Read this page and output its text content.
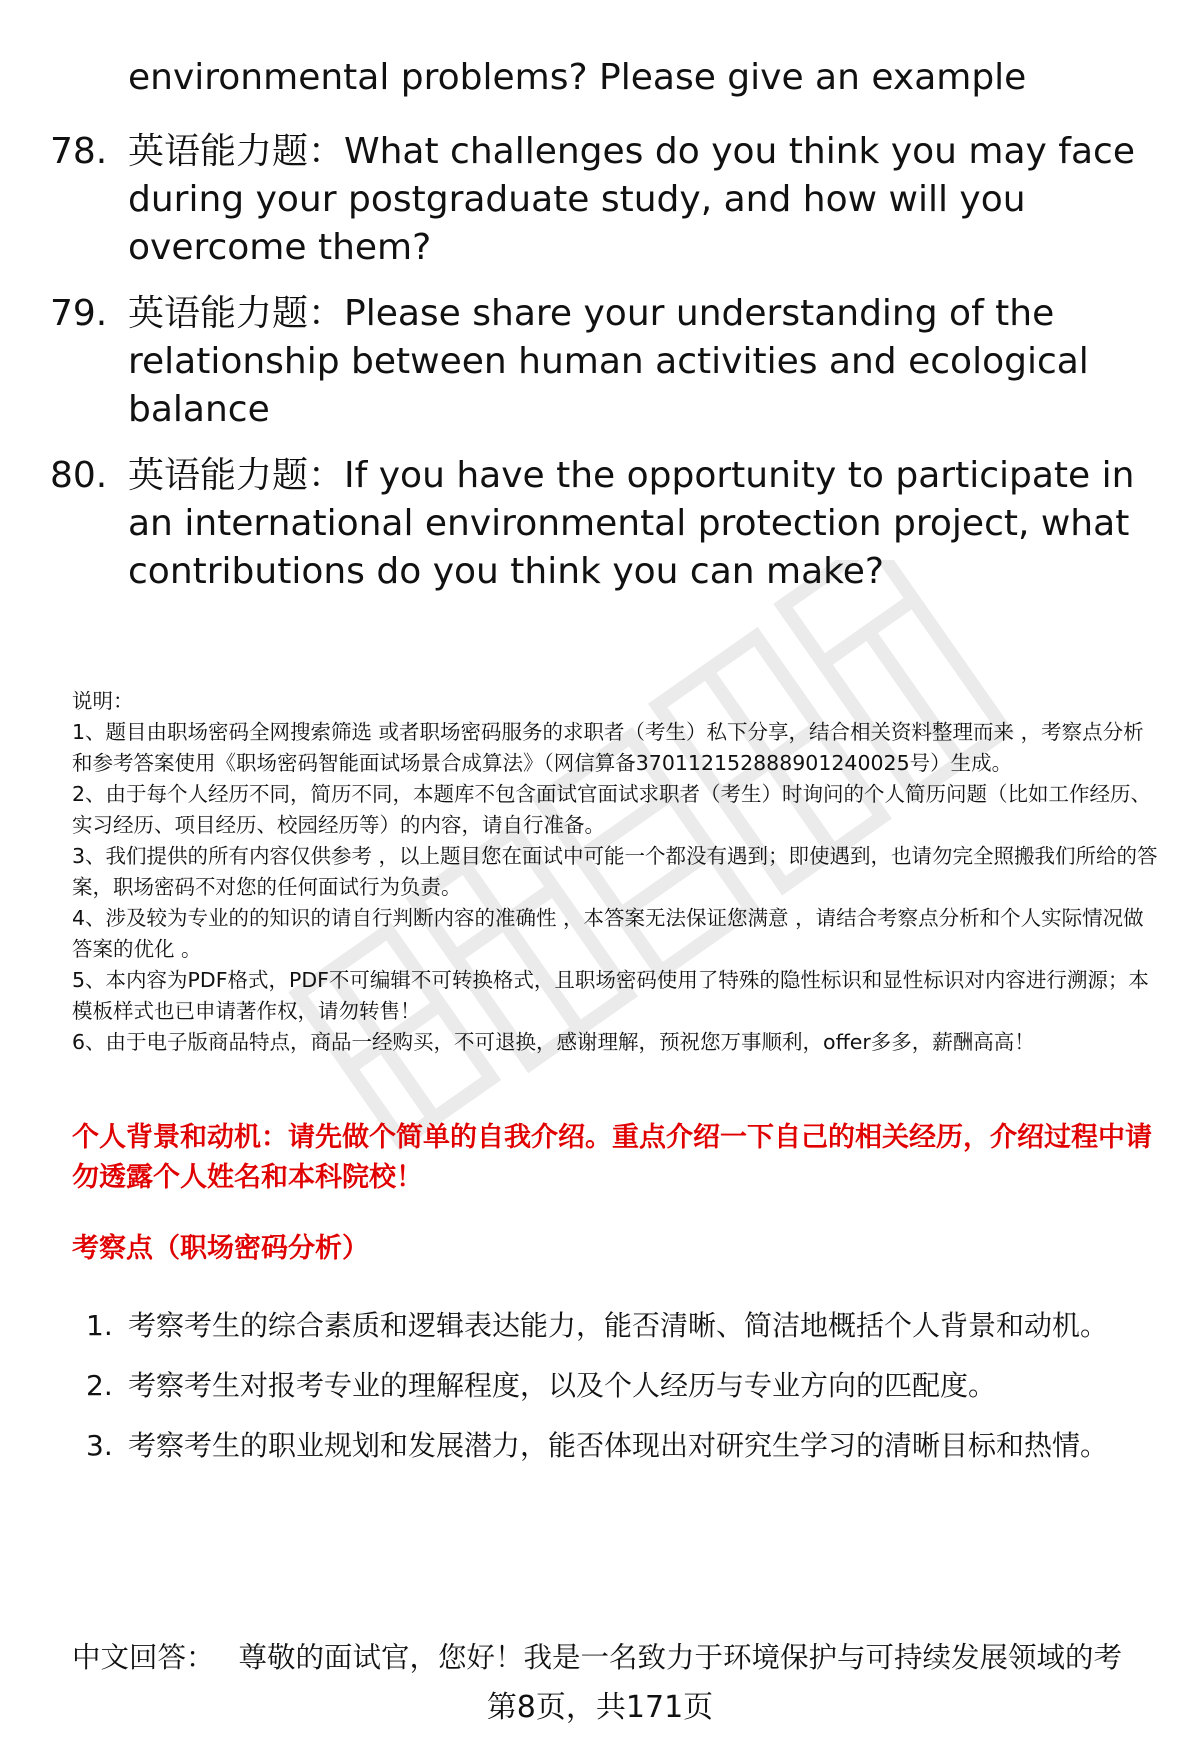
environmental problems? Please give an example

78. 英语能力题：What challenges do you think you may face during your postgraduate study, and how will you overcome them?
79. 英语能力题：Please share your understanding of the relationship between human activities and ecological balance
80. 英语能力题：If you have the opportunity to participate in an international environmental protection project, what contributions do you think you can make?
说明：
1、题目由职场密码全网搜索筛选 或者职场密码服务的求职者（考生）私下分享，结合相关资料整理而来 ，考察点分析和参考答案使用《职场密码智能面试场景合成算法》（网信算备370112152888901240025号）生成。
2、由于每个人经历不同，简历不同，本题库不包含面试官面试求职者（考生）时询问的个人简历问题（比如工作经历、实习经历、项目经历、校园经历等）的内容，请自行准备。
3、我们提供的所有内容仅供参考 ，以上题目您在面试中可能一个都没有遇到；即使遇到，也请勿完全照搬我们所给的答案，职场密码不对您的任何面试行为负责。
4、涉及较为专业的的知识的请自行判断内容的准确性 ，本答案无法保证您满意 ，请结合考察点分析和个人实际情况做答案的优化 。
5、本内容为PDF格式，PDF不可编辑不可转换格式，且职场密码使用了特殊的隐性标识和显性标识对内容进行溯源；本模板样式也已申请著作权，请勿转售！
6、由于电子版商品特点，商品一经购买，不可退换，感谢理解，预祝您万事顺利，offer多多，薪酬高高！

个人背景和动机：请先做个简单的自我介绍。重点介绍一下自己的相关经历，介绍过程中请勿透露个人姓名和本科院校！

考察点（职场密码分析）

1. 考察考生的综合素质和逻辑表达能力，能否清晰、简洁地概括个人背景和动机。
2. 考察考生对报考专业的理解程度，以及个人经历与专业方向的匹配度。
3. 考察考生的职业规划和发展潜力，能否体现出对研究生学习的清晰目标和热情。

中文回答： 尊敬的面试官，您好！我是一名致力于环境保护与可持续发展领域的考

第8页，共171页
